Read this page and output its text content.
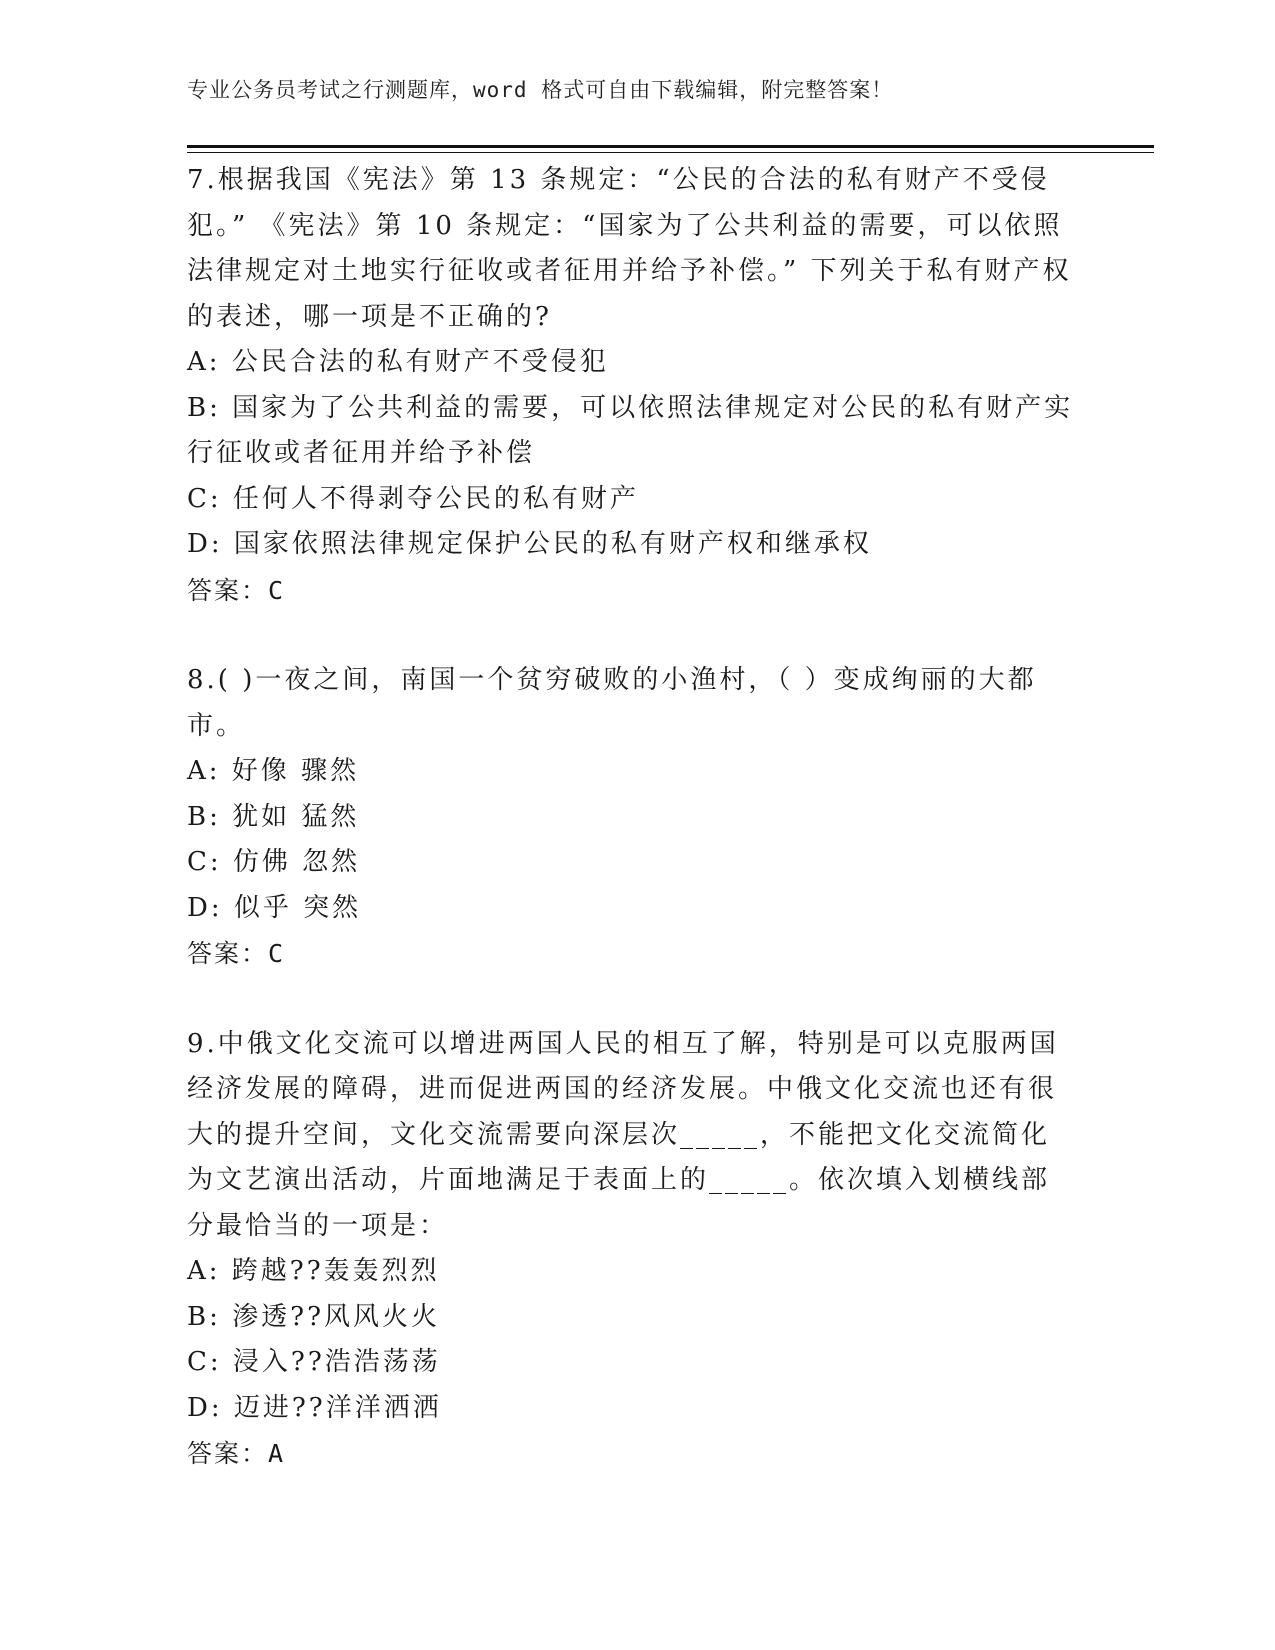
专业公务员考试之行测题库，word 格式可自由下载编辑，附完整答案！

7.根据我国《宪法》第 13 条规定：“公民的合法的私有财产不受侵犯。” 《宪法》第 10 条规定：“国家为了公共利益的需要，可以依照法律规定对土地实行征收或者征用并给予补偿。” 下列关于私有财产权的表述，哪一项是不正确的?

A: 公民合法的私有财产不受侵犯

B: 国家为了公共利益的需要，可以依照法律规定对公民的私有财产实行征收或者征用并给予补偿

C: 任何人不得剥夺公民的私有财产

D: 国家依照法律规定保护公民的私有财产权和继承权

答案：C

8.( )一夜之间，南国一个贫穷破败的小渔村，（ ）变成绚丽的大都市。

A: 好像 骤然

B: 犹如 猛然

C: 仿佛 忽然

D: 似乎 突然

答案：C

9.中俄文化交流可以增进两国人民的相互了解，特别是可以克服两国经济发展的障碍，进而促进两国的经济发展。中俄文化交流也还有很大的提升空间，文化交流需要向深层次_____，不能把文化交流简化为文艺演出活动，片面地满足于表面上的_____。依次填入划横线部分最恰当的一项是：

A: 跨越??轰轰烈烈

B: 渗透??风风火火

C: 浸入??浩浩荡荡

D: 迈进??洋洋洒洒

答案：A
